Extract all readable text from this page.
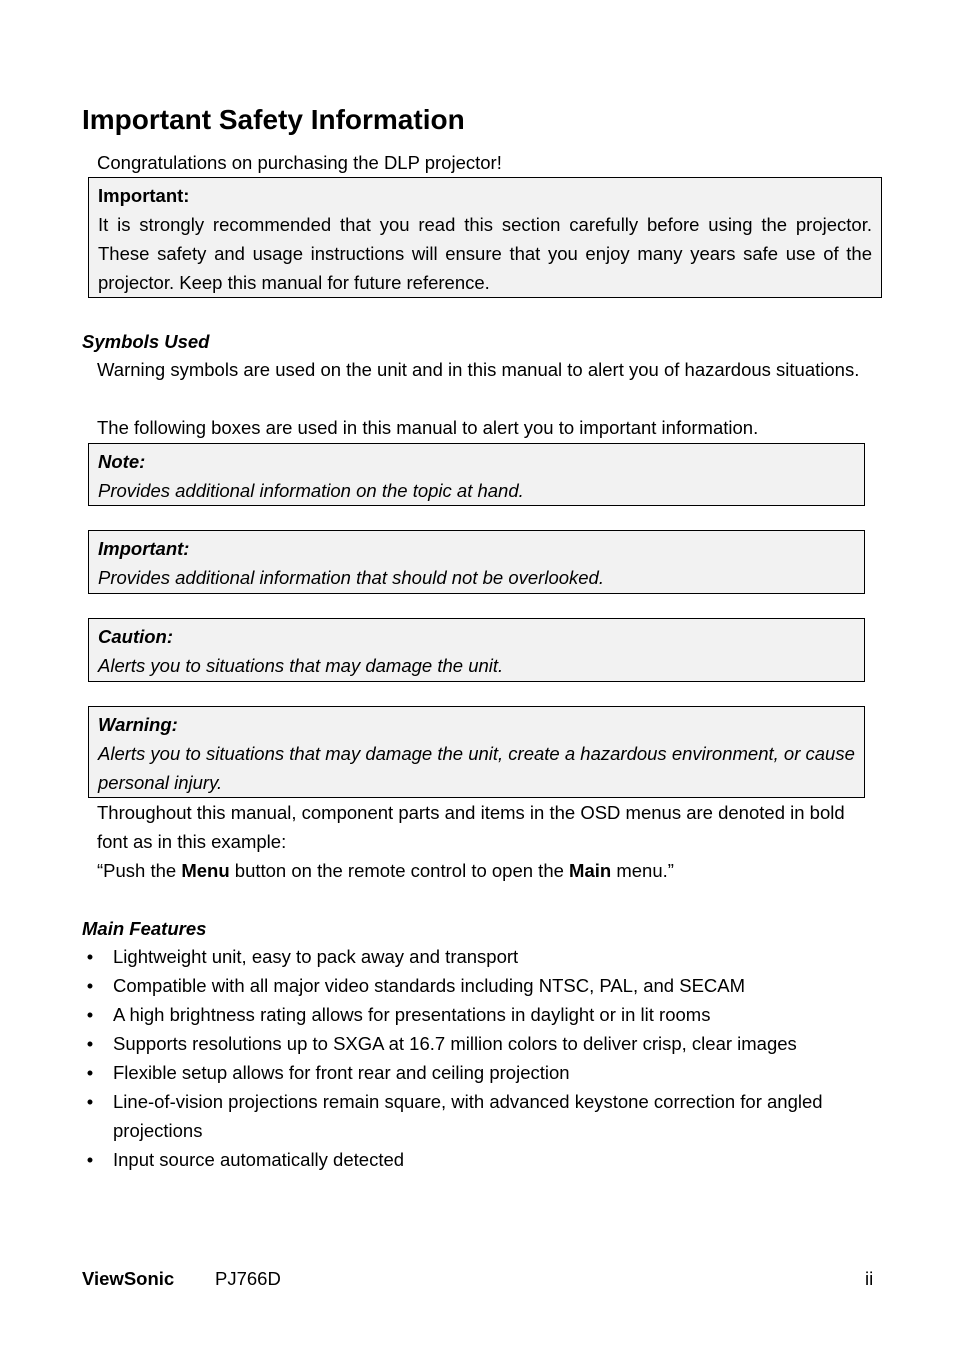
Important Safety Information

Congratulations on purchasing the DLP projector!

Important:
It is strongly recommended that you read this section carefully before using the projector. These safety and usage instructions will ensure that you enjoy many years safe use of the projector. Keep this manual for future reference.
Symbols Used

Warning symbols are used on the unit and in this manual to alert you of hazardous situations.

The following boxes are used in this manual to alert you to important information.

Note:
Provides additional information on the topic at hand.
Important:
Provides additional information that should not be overlooked.
Caution:
Alerts you to situations that may damage the unit.
Warning:
Alerts you to situations that may damage the unit, create a hazardous environment, or cause personal injury.

Throughout this manual, component parts and items in the OSD menus are denoted in bold font as in this example:

“Push the Menu button on the remote control to open the Main menu.”

Main Features
• Lightweight unit, easy to pack away and transport
• Compatible with all major video standards including NTSC, PAL, and SECAM
• A high brightness rating allows for presentations in daylight or in lit rooms
• Supports resolutions up to SXGA at 16.7 million colors to deliver crisp, clear images
• Flexible setup allows for front rear and ceiling projection
• Line-of-vision projections remain square, with advanced keystone correction for angled projections
• Input source automatically detected
ViewSonic PJ766D	ii
